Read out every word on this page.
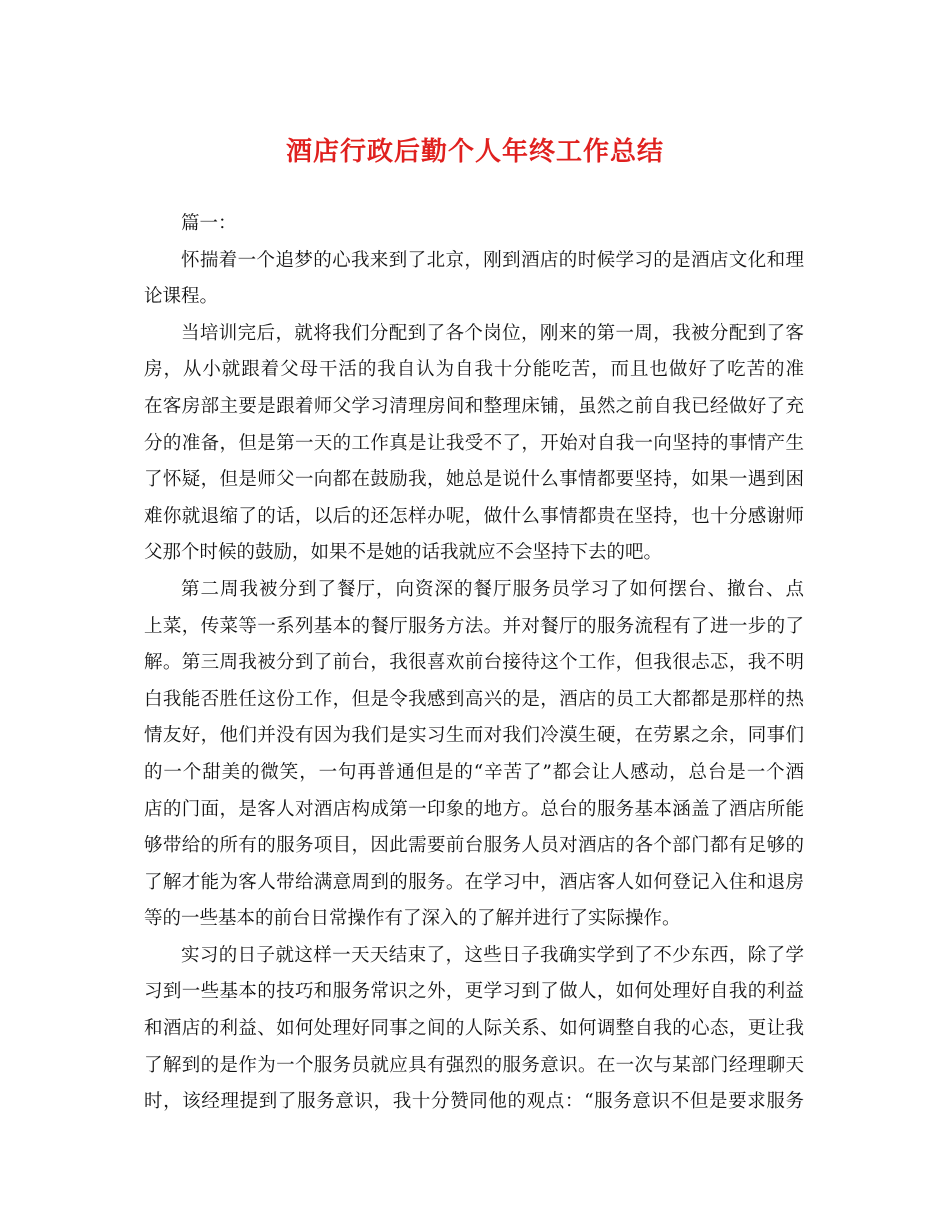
酒店行政后勤个人年终工作总结
篇一：
怀揣着一个追梦的心我来到了北京，刚到酒店的时候学习的是酒店文化和理
论课程。
当培训完后，就将我们分配到了各个岗位，刚来的第一周，我被分配到了客
房，从小就跟着父母干活的我自认为自我十分能吃苦，而且也做好了吃苦的准
在客房部主要是跟着师父学习清理房间和整理床铺，虽然之前自我已经做好了充
分的准备，但是第一天的工作真是让我受不了，开始对自我一向坚持的事情产生
了怀疑，但是师父一向都在鼓励我，她总是说什么事情都要坚持，如果一遇到困
难你就退缩了的话，以后的还怎样办呢，做什么事情都贵在坚持，也十分感谢师
父那个时候的鼓励，如果不是她的话我就应不会坚持下去的吧。
第二周我被分到了餐厅，向资深的餐厅服务员学习了如何摆台、撤台、点
上菜，传菜等一系列基本的餐厅服务方法。并对餐厅的服务流程有了进一步的了
解。第三周我被分到了前台，我很喜欢前台接待这个工作，但我很忐忑，我不明
白我能否胜任这份工作，但是令我感到高兴的是，酒店的员工大都都是那样的热
情友好，他们并没有因为我们是实习生而对我们冷漠生硬，在劳累之余，同事们
的一个甜美的微笑，一句再普通但是的“辛苦了”都会让人感动，总台是一个酒
店的门面，是客人对酒店构成第一印象的地方。总台的服务基本涵盖了酒店所能
够带给的所有的服务项目，因此需要前台服务人员对酒店的各个部门都有足够的
了解才能为客人带给满意周到的服务。在学习中，酒店客人如何登记入住和退房
等的一些基本的前台日常操作有了深入的了解并进行了实际操作。
实习的日子就这样一天天结束了，这些日子我确实学到了不少东西，除了学
习到一些基本的技巧和服务常识之外，更学习到了做人，如何处理好自我的利益
和酒店的利益、如何处理好同事之间的人际关系、如何调整自我的心态，更让我
了解到的是作为一个服务员就应具有强烈的服务意识。在一次与某部门经理聊天
时，该经理提到了服务意识，我十分赞同他的观点：“服务意识不但是要求服务
